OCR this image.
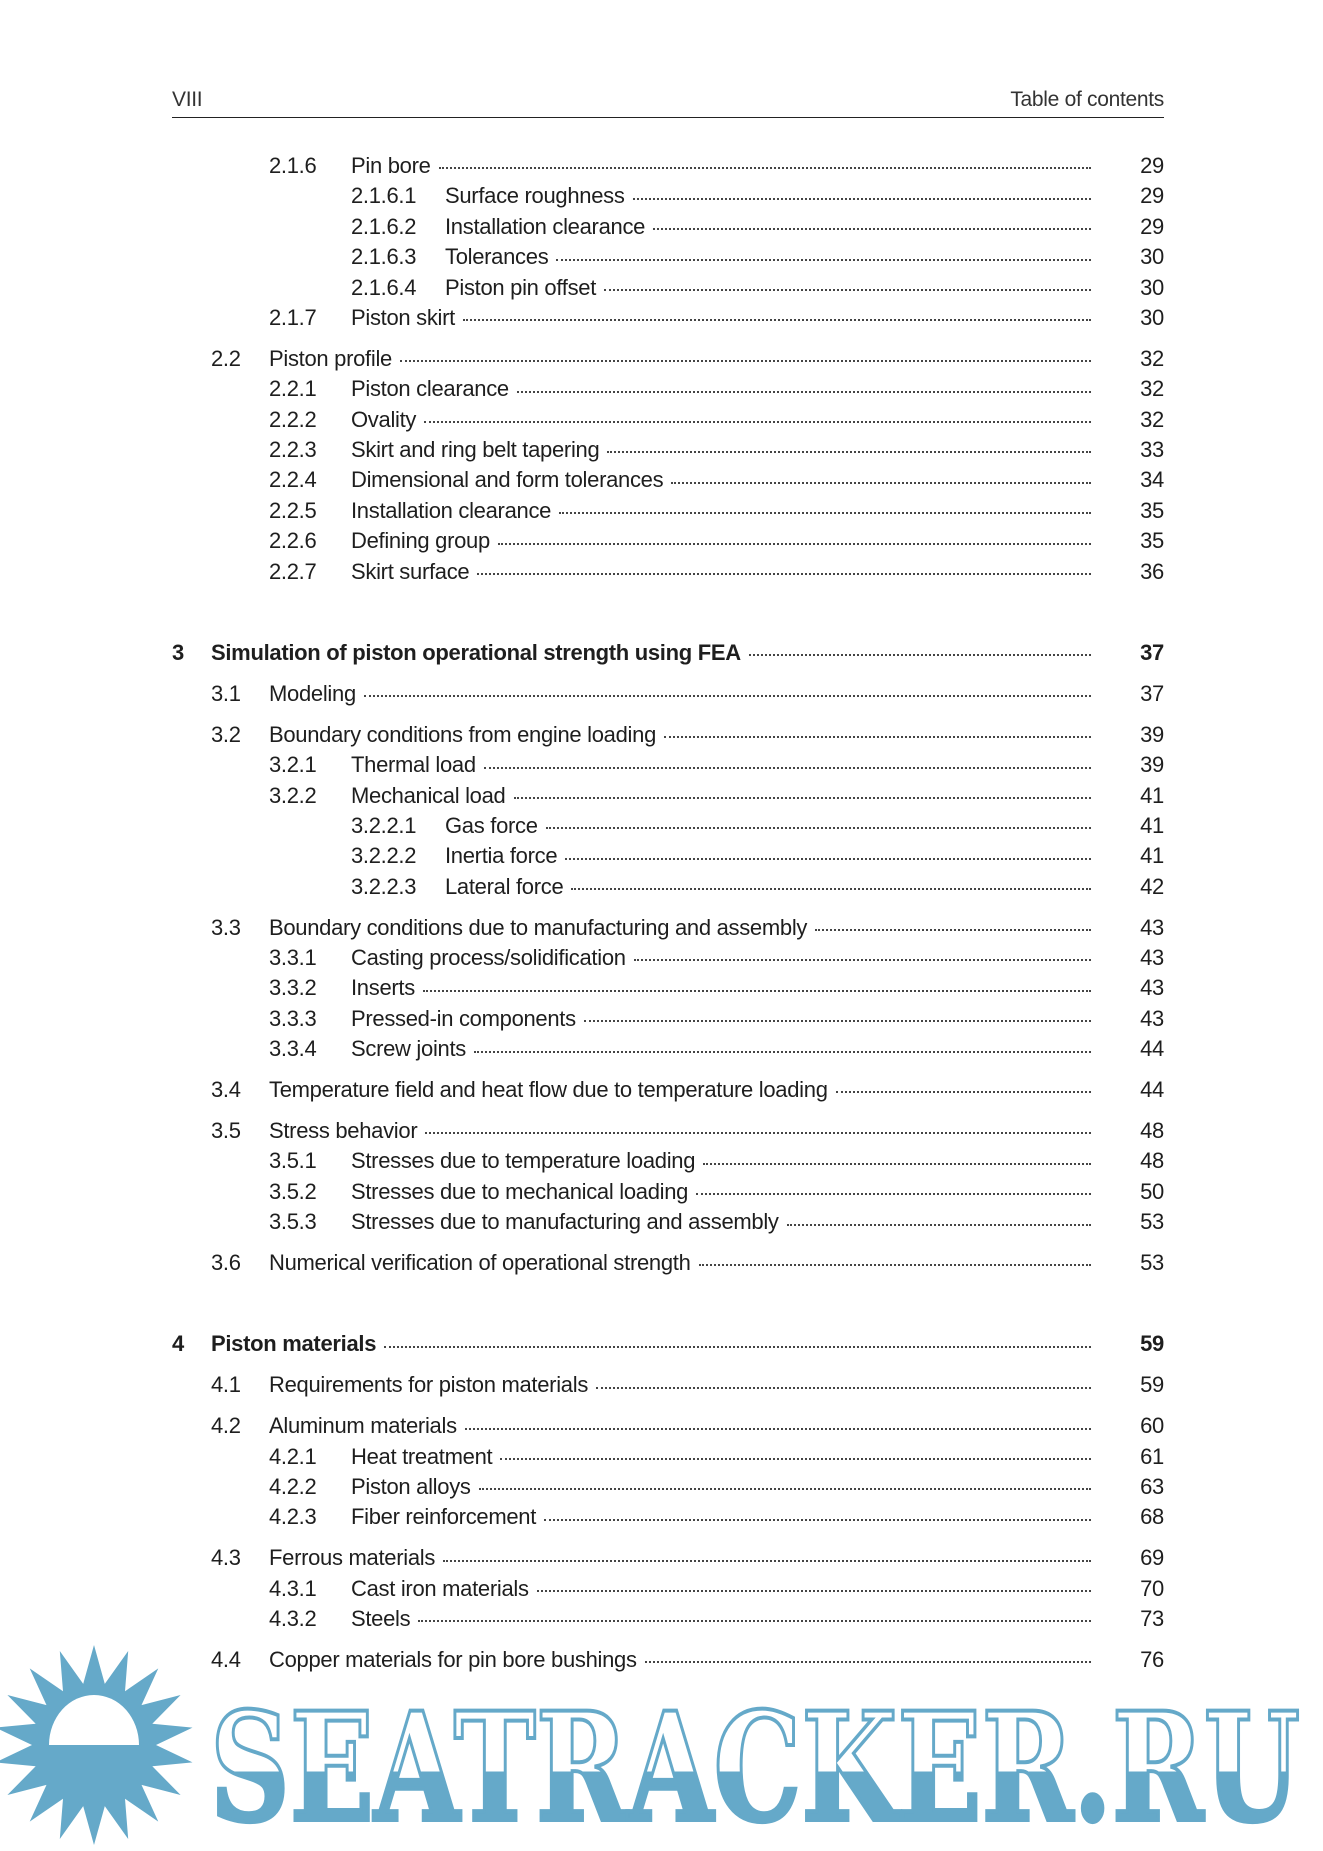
VIII	Table of contents
2.1.6 Pin bore	29
2.1.6.1 Surface roughness	29
2.1.6.2 Installation clearance	29
2.1.6.3 Tolerances	30
2.1.6.4 Piston pin offset	30
2.1.7 Piston skirt	30
2.2 Piston profile	32
2.2.1 Piston clearance	32
2.2.2 Ovality	32
2.2.3 Skirt and ring belt tapering	33
2.2.4 Dimensional and form tolerances	34
2.2.5 Installation clearance	35
2.2.6 Defining group	35
2.2.7 Skirt surface	36
3 Simulation of piston operational strength using FEA	37
3.1 Modeling	37
3.2 Boundary conditions from engine loading	39
3.2.1 Thermal load	39
3.2.2 Mechanical load	41
3.2.2.1 Gas force	41
3.2.2.2 Inertia force	41
3.2.2.3 Lateral force	42
3.3 Boundary conditions due to manufacturing and assembly	43
3.3.1 Casting process/solidification	43
3.3.2 Inserts	43
3.3.3 Pressed-in components	43
3.3.4 Screw joints	44
3.4 Temperature field and heat flow due to temperature loading	44
3.5 Stress behavior	48
3.5.1 Stresses due to temperature loading	48
3.5.2 Stresses due to mechanical loading	50
3.5.3 Stresses due to manufacturing and assembly	53
3.6 Numerical verification of operational strength	53
4 Piston materials	59
4.1 Requirements for piston materials	59
4.2 Aluminum materials	60
4.2.1 Heat treatment	61
4.2.2 Piston alloys	63
4.2.3 Fiber reinforcement	68
4.3 Ferrous materials	69
4.3.1 Cast iron materials	70
4.3.2 Steels	73
4.4 Copper materials for pin bore bushings	76
SEATRACKER.RU
